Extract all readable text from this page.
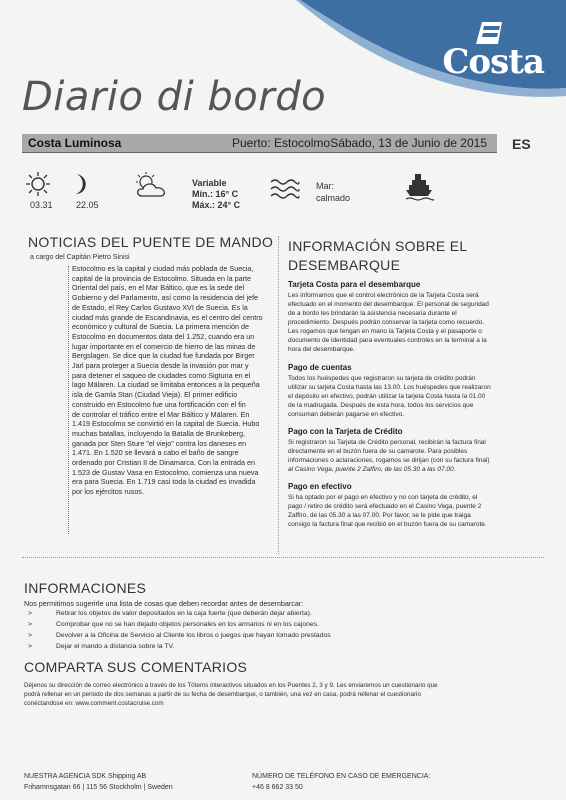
Costa
Diario di bordo
Costa Luminosa	Puerto: Estocolmo Sábado, 13 de Junio de 2015 ES
03.31	22.05
Variable
Mín.: 16° C
Máx.: 24° C
Mar:
calmado
NOTICIAS DEL PUENTE DE MANDO
a cargo del Capitán Pietro Sinisi
Estocolmo es la capital y ciudad más poblada de Suecia,
capital de la provincia de Estocolmo. Situada en la parte
Oriental del país, en el Mar Báltico, que es la sede del
Gobierno y del Parlamento, así como la residencia del jefe
de Estado, el Rey Carlos Gustavo XVI de Suecia. Es la
ciudad más grande de Escandinavia, es el centro del centro
económico y cultural de Suecia. La primera mención de
Estocolmo en documentos data del 1.252, cuando era un
lugar importante en el comercio de hierro de las minas de
Bergslagen. Se dice que la ciudad fue fundada por Birger
Jarl para proteger a Suecia desde la invasión por mar y
para detener el saqueo de ciudades como Sigtuna en el
lago Mälaren. La ciudad se limitaba entonces a la pequeña
isla de Gamla Stan (Ciudad Vieja). El primer edificio
construido en Estocolmo fue una fortificación con el fin
de controlar el tráfico entre el Mar Báltico y Mälaren. En
1.419 Estocolmo se convirtió en la capital de Suecia. Hubo
muchas batallas, incluyendo la Batalla de Brunkeberg,
ganada por Sten Sture "el viejo" contra los daneses en
1.471. En 1.520 se llevará a cabo el baño de sangre
ordenado por Cristian II de Dinamarca. Con la entrada en
1.523 de Gustav Vasa en Estocolmo, comienza una nueva
era para Suecia. En 1.719 casi toda la ciudad es invadida
por los ejércitos rusos.
INFORMACIÓN SOBRE EL
DESEMBARQUE
Tarjeta Costa para el desembarque
Les informamos que el control electrónico de la Tarjeta Costa será
efectuado en el momento del desembarque. El personal de seguridad
de a bordo les brindarán la asistencia necesaria durante el
procedimiento. Después podrán conservar la tarjeta como recuerdo.
Les rogamos que tengan en mano la Tarjeta Costa y el pasaporte o
documento de identidad para eventuales controles en la terminal a la
hora del desembarque.
Pago de cuentas
Todos los huéspedes que registraron su tarjeta de crédito podrán
utilizar su tarjeta Costa hasta las 13.00. Los huéspedes que realizaron
el depósito en efectivo, podrán utilizar la tarjeta Costa hasta la 01.00
de la madrugada. Después de esta hora, todos los servicios que
consuman deberán pagarse en efectivo.
Pago con la Tarjeta de Crédito
Si registraron su Tarjeta de Crédito personal, recibirán la factura final
directamente en el buzón fuera de su camarote. Para posibles
informaciones o aclaraciones, rogamos se dirijan (con su factura final)
al Casino Vega, puente 2 Zaffiro, de las 05.30 a las 07.00.
Pago en efectivo
Si ha optado por el pago en efectivo y no con tarjeta de crédito, el
pago / retiro de crédito será efectuado en el Casino Vega, puente 2
Zaffiro, de las 05.30 a las 07.00. Por favor, se le pide que traiga
consigo la factura final que recibió en el buzón fuera de su camarote.
INFORMACIONES
Nos permitimos sugerirle una lista de cosas que deben recordar antes de desembarcar:
>	Retirar los objetos de valor depositados en la caja fuerte (que deberán dejar abierta).
>	Comprobar que no se han dejado objetos personales en los armarios ni en los cajones.
>	Devolver a la Oficina de Servicio al Cliente los libros o juegos que hayan tomado prestados
>	Dejar el mando a distancia sobre la TV.
COMPARTA SUS COMENTARIOS
Déjenos su dirección de correo electrónico a través de los Tótems interactivos situados en los Puentes 2, 3 y 9. Les enviaremos un cuestionario que
podrá rellenar en un periodo de dos semanas a partir de su fecha de desembarque, o también, una vez en casa, podrá rellenar el cuestionario
conéctandose en: www.comment.costacruise.com
NUESTRA AGENCIA SDK Shipping AB
Frihamnsgatan 66 | 115 56 Stockholm | Sweden
NÚMERO DE TELÉFONO EN CASO DE EMERGENCIA:
+46 8 662 33 50
